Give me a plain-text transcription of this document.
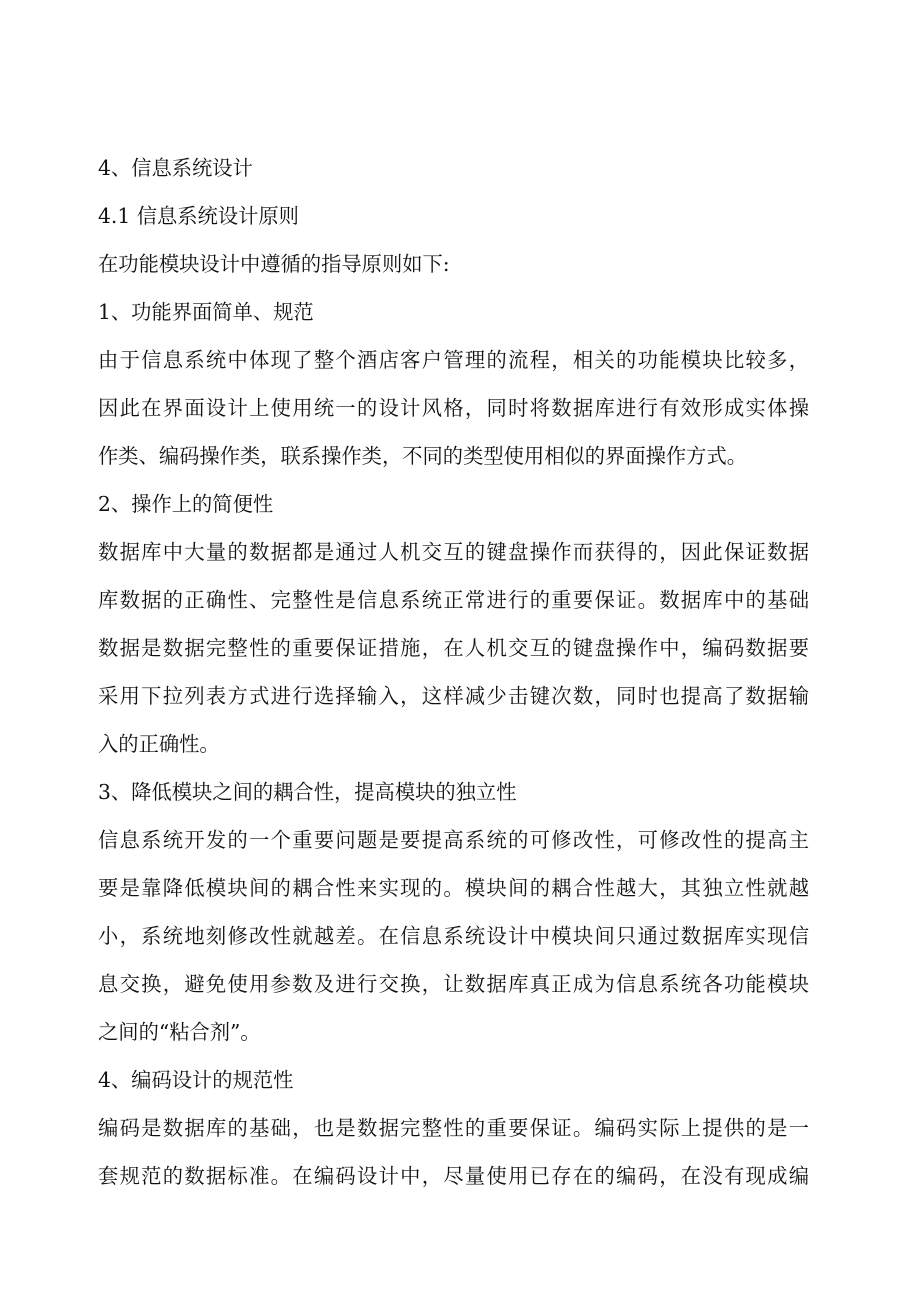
4、信息系统设计
4.1 信息系统设计原则
在功能模块设计中遵循的指导原则如下:
1、功能界面简单、规范
由于信息系统中体现了整个酒店客户管理的流程，相关的功能模块比较多，
因此在界面设计上使用统一的设计风格，同时将数据库进行有效形成实体操
作类、编码操作类，联系操作类，不同的类型使用相似的界面操作方式。
2、操作上的简便性
数据库中大量的数据都是通过人机交互的键盘操作而获得的，因此保证数据
库数据的正确性、完整性是信息系统正常进行的重要保证。数据库中的基础
数据是数据完整性的重要保证措施，在人机交互的键盘操作中，编码数据要
采用下拉列表方式进行选择输入，这样减少击键次数，同时也提高了数据输
入的正确性。
3、降低模块之间的耦合性，提高模块的独立性
信息系统开发的一个重要问题是要提高系统的可修改性，可修改性的提高主
要是靠降低模块间的耦合性来实现的。模块间的耦合性越大，其独立性就越
小，系统地刻修改性就越差。在信息系统设计中模块间只通过数据库实现信
息交换，避免使用参数及进行交换，让数据库真正成为信息系统各功能模块
之间的“粘合剂”。
4、编码设计的规范性
编码是数据库的基础，也是数据完整性的重要保证。编码实际上提供的是一
套规范的数据标准。在编码设计中，尽量使用已存在的编码，在没有现成编
